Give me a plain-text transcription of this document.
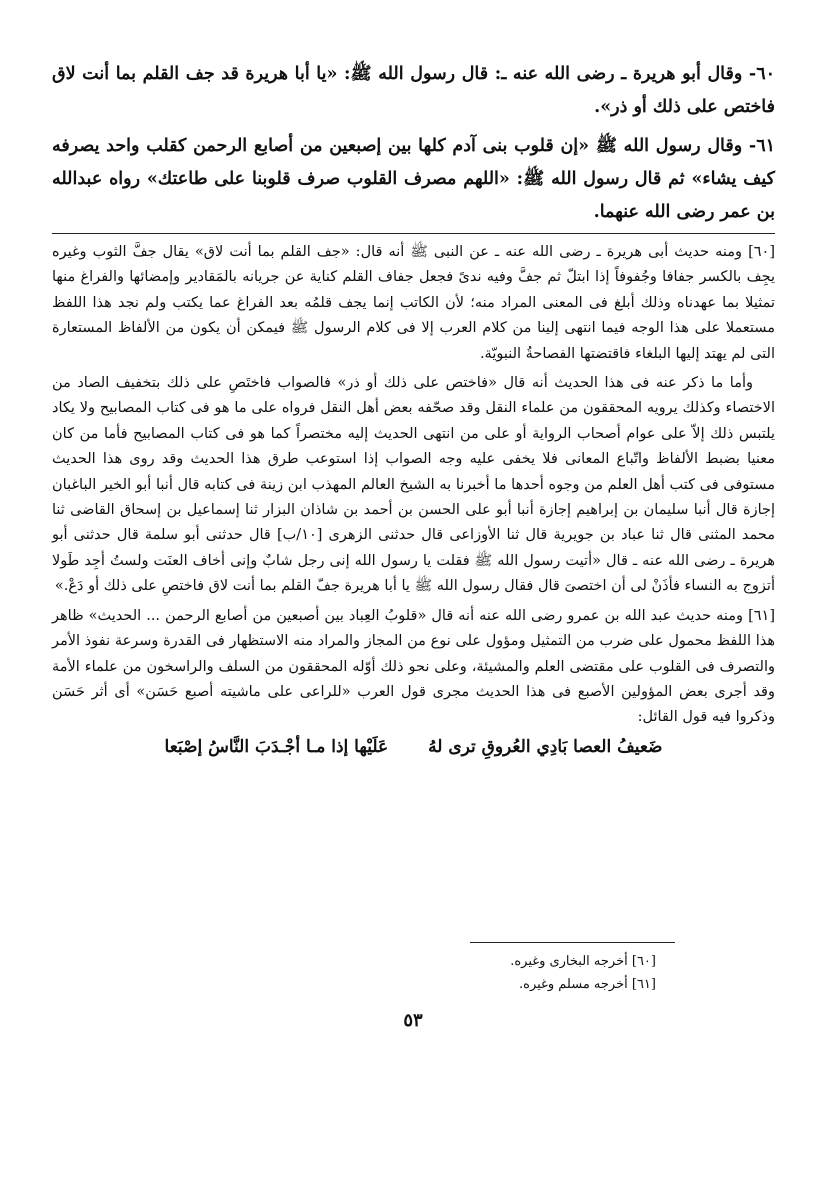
٦٠- وقال أبو هريرة ـ رضى الله عنه ـ: قال رسول الله ﷺ: «يا أبا هريرة قد جف القلم بما أنت لاق فاختص على ذلك أو ذر».

٦١- وقال رسول الله ﷺ «إن قلوب بنى آدم كلها بين إصبعين من أصابع الرحمن كقلب واحد يصرفه كيف يشاء» ثم قال رسول الله ﷺ: «اللهم مصرف القلوب صرف قلوبنا على طاعتك» رواه عبدالله بن عمر رضى الله عنهما.

[٦٠] ومنه حديث أبى هريرة ـ رضى الله عنه ـ عن النبى ﷺ أنه قال: «جف القلم بما أنت لاق» يقال جفَّ الثوب وغيره يجِف بالكسر جفافا وجُفوفاً إذا ابتلّ ثم جفَّ وفيه ندىً فجعل جفاف القلم كناية عن جريانه بالمَقادير وإمضائها والفراغ منها تمثيلا بما عهدناه وذلك أبلغ فى المعنى المراد منه؛ لأن الكاتب إنما يجف قلمُه بعد الفراغ عما يكتب ولم نجد هذا اللفظ مستعملا على هذا الوجه فيما انتهى إلينا من كلام العرب إلا فى كلام الرسول ﷺ فيمكن أن يكون من الألفاظ المستعارة التى لم يهتد إليها البلغاء فاقتضتها الفصاحةُ النبويّة.

وأما ما ذكر عنه فى هذا الحديث أنه قال «فاختص على ذلك أو ذر» فالصواب فاختَصِ على ذلك بتخفيف الصاد من الاختصاء وكذلك يرويه المحققون من علماء النقل وقد صحّفه بعض أهل النقل فرواه على ما هو فى كتاب المصابيح ولا يكاد يلتبس ذلك إلاّ على عوام أصحاب الرواية أو على من انتهى الحديث إليه مختصراً كما هو فى كتاب المصابيح فأما من كان معنيا بضبط الألفاظ واتّباع المعانى فلا يخفى عليه وجه الصواب إذا استوعب طرق هذا الحديث وقد روى هذا الحديث مستوفى فى كتب أهل العلم من وجوه أحدها ما أخبرنا به الشيخ العالم المهذب ابن زينة فى كتابه قال أنبا أبو الخير الباغبان إجازة قال أنبا سليمان بن إبراهيم إجازة أنبا أبو على الحسن بن أحمد بن شاذان البزار ثنا إسماعيل بن إسحاق القاضى ثنا محمد المثنى قال ثنا عباد بن جويرية قال ثنا الأوزاعى قال حدثنى الزهرى [١٠/ب] قال حدثنى أبو سلمة قال حدثنى أبو هريرة ـ رضى الله عنه ـ قال «أتيت رسول الله ﷺ فقلت يا رسول الله إنى رجل شابٌ وإنى أخاف العنَت ولستُ أجِد طَولا أتزوج به النساء فأذَنْ لى أن اختصىَ قال فقال رسول الله ﷺ يا أبا هريرة جفّ القلم بما أنت لاق فاختصِ على ذلك أو دَعْ.»

[٦١] ومنه حديث عبد الله بن عمرو رضى الله عنه أنه قال «قلوبُ العِباد بين أصبعين من أصابع الرحمن ... الحديث» ظاهر هذا اللفظ محمول على ضرب من التمثيل ومؤول على نوع من المجاز والمراد منه الاستظهار فى القدرة وسرعة نفوذ الأمر والتصرف فى القلوب على مقتضى العلم والمشيئة، وعلى نحو ذلك أوّله المحققون من السلف والراسخون من علماء الأمة وقد أجرى بعض المؤولين الأصبع فى هذا الحديث مجرى قول العرب «للراعى على ماشيته أصبع حَسَن» أى أثر حَسَن وذكروا فيه قول القائل:

ضَعيفُ العصا بَادِي العُروقِ ترى لهُ
عَلَيْها إذا مـا أجْـدَبَ النَّاسُ إصْبَعا
[٦٠] أخرجه البخارى وغيره.
[٦١] أخرجه مسلم وغيره.
٥٣
